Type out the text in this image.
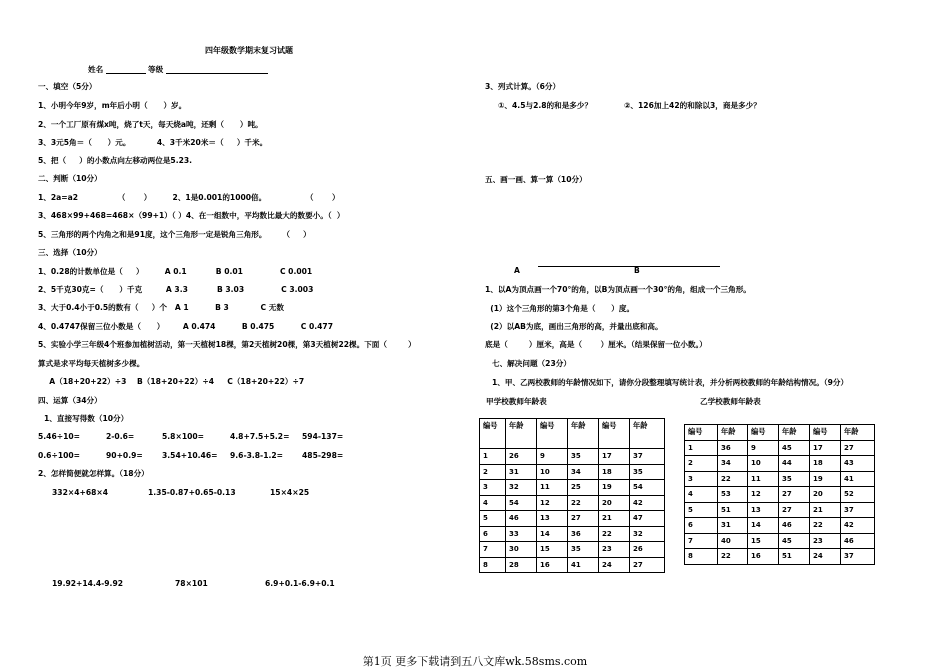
四年级数学期末复习试题
姓名	等级
一、填空（5分）
1、小明今年9岁，m年后小明（      ）岁。
2、一个工厂原有煤x吨，烧了t天，每天烧a吨，还剩（      ）吨。
3、3元5角＝（      ）元。          4、3千米20米＝（     ）千米。
5、把（     ）的小数点向左移动两位是5.23.
二、判断（10分）
1、2a=a2               （       ）        2、1是0.001的1000倍。               （       ）
3、468×99+468=468×（99+1）（ ）4、在一组数中，平均数比最大的数要小。（  ）
5、三角形的两个内角之和是91度，这个三角形一定是锐角三角形。      （     ）
三、选择（10分）
1、0.28的计数单位是（     ）        A 0.1           B 0.01              C 0.001
2、5千克30克=（      ）千克         A 3.3           B 3.03              C 3.003
3、大于0.4小于0.5的数有（     ）个   A 1          B 3            C 无数
4、0.4747保留三位小数是（      ）       A 0.474          B 0.475          C 0.477
5、实验小学三年级4个班参加植树活动，第一天植树18棵，第2天植树20棵，第3天植树22棵。下面（        ）
算式是求平均每天植树多少棵。
A（18+20+22）÷3    B（18+20+22）÷4     C（18+20+22）÷7
四、运算（34分）
1、直接写得数（10分）
5.46÷10=	2-0.6=	5.8×100=	4.8+7.5+5.2= 594-137=
0.6÷100=	90+0.9=	3.54+10.46= 9.6-3.8-1.2= 485-298=
2、怎样简便就怎样算。（18分）
332×4+68×4	1.35-0.87+0.65-0.13	15×4×25
19.92+14.4-9.92	78×101	6.9+0.1-6.9+0.1
3、列式计算。（6分）
①、4.5与2.8的和是多少？	②、126加上42的和除以3，商是多少？
五、画一画、算一算（10分）
A	B
1、以A为顶点画一个70°的角，以B为顶点画一个30°的角，组成一个三角形。
(1）这个三角形的第3个角是（      ）度。
(2）以AB为底，画出三角形的高，并量出底和高。
底是（        ）厘米，高是（       ）厘米。（结果保留一位小数。）
七、解决问题（23分）
1、甲、乙两校教师的年龄情况如下，请你分段整理填写统计表，并分析两校教师的年龄结构情况。（9分）
甲学校教师年龄表	乙学校教师年龄表
编号	年龄	编号	年龄	编号	年龄
1	26	9	35	17	37
2	31	10	34	18	35
3	32	11	25	19	54
4	54	12	22	20	42
5	46	13	27	21	47
6	33	14	36	22	32
7	30	15	35	23	26
8	28	16	41	24	27
编号	年龄	编号	年龄	编号	年龄
1	36	9	45	17	27
2	34	10	44	18	43
3	22	11	35	19	41
4	53	12	27	20	52
5	51	13	27	21	37
6	31	14	46	22	42
7	40	15	45	23	46
8	22	16	51	24	37
第1页 更多下载请到五八文库wk.58sms.com
